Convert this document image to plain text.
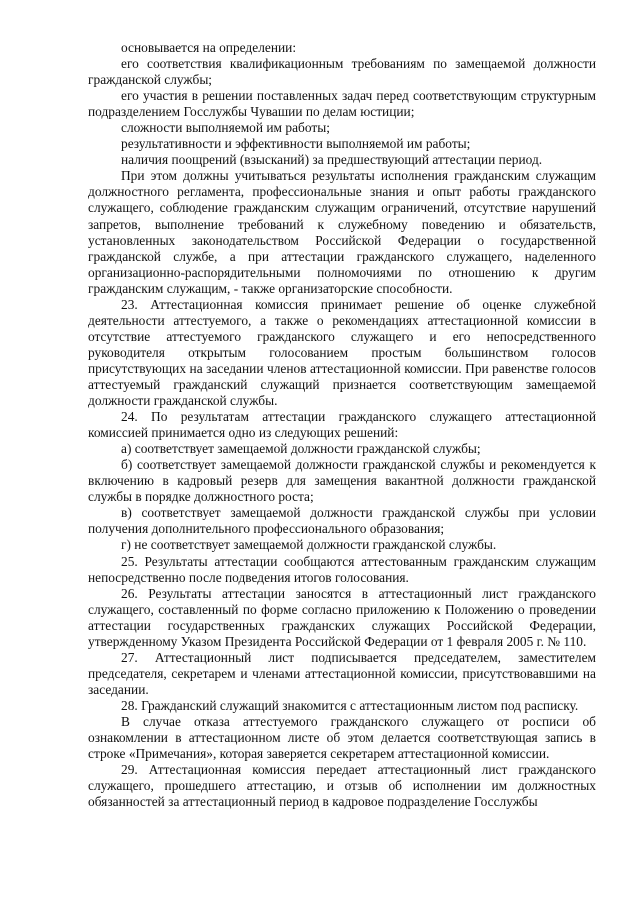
основывается на определении:

его соответствия квалификационным требованиям по замещаемой должности гражданской службы;

его участия в решении поставленных задач перед соответствующим структурным подразделением Госслужбы Чувашии по делам юстиции;

сложности выполняемой им работы;

результативности и эффективности выполняемой им работы;

наличия поощрений (взысканий) за предшествующий аттестации период.

При этом должны учитываться результаты исполнения гражданским служащим должностного регламента, профессиональные знания и опыт работы гражданского служащего, соблюдение гражданским служащим ограничений, отсутствие нарушений запретов, выполнение требований к служебному поведению и обязательств, установленных законодательством Российской Федерации о государственной гражданской службе, а при аттестации гражданского служащего, наделенного организационно-распорядительными полномочиями по отношению к другим гражданским служащим, - также организаторские способности.

23. Аттестационная комиссия принимает решение об оценке служебной деятельности аттестуемого, а также о рекомендациях аттестационной комиссии в отсутствие аттестуемого гражданского служащего и его непосредственного руководителя открытым голосованием простым большинством голосов присутствующих на заседании членов аттестационной комиссии. При равенстве голосов аттестуемый гражданский служащий признается соответствующим замещаемой должности гражданской службы.

24. По результатам аттестации гражданского служащего аттестационной комиссией принимается одно из следующих решений:

а) соответствует замещаемой должности гражданской службы;

б) соответствует замещаемой должности гражданской службы и рекомендуется к включению в кадровый резерв для замещения вакантной должности гражданской службы в порядке должностного роста;

в) соответствует замещаемой должности гражданской службы при условии получения дополнительного профессионального образования;

г) не соответствует замещаемой должности гражданской службы.

25. Результаты аттестации сообщаются аттестованным гражданским служащим непосредственно после подведения итогов голосования.

26. Результаты аттестации заносятся в аттестационный лист гражданского служащего, составленный по форме согласно приложению к Положению о проведении аттестации государственных гражданских служащих Российской Федерации, утвержденному Указом Президента Российской Федерации от 1 февраля 2005 г. № 110.

27. Аттестационный лист подписывается председателем, заместителем председателя, секретарем и членами аттестационной комиссии, присутствовавшими на заседании.

28. Гражданский служащий знакомится с аттестационным листом под расписку.

В случае отказа аттестуемого гражданского служащего от росписи об ознакомлении в аттестационном листе об этом делается соответствующая запись в строке «Примечания», которая заверяется секретарем аттестационной комиссии.

29. Аттестационная комиссия передает аттестационный лист гражданского служащего, прошедшего аттестацию, и отзыв об исполнении им должностных обязанностей за аттестационный период в кадровое подразделение Госслужбы
